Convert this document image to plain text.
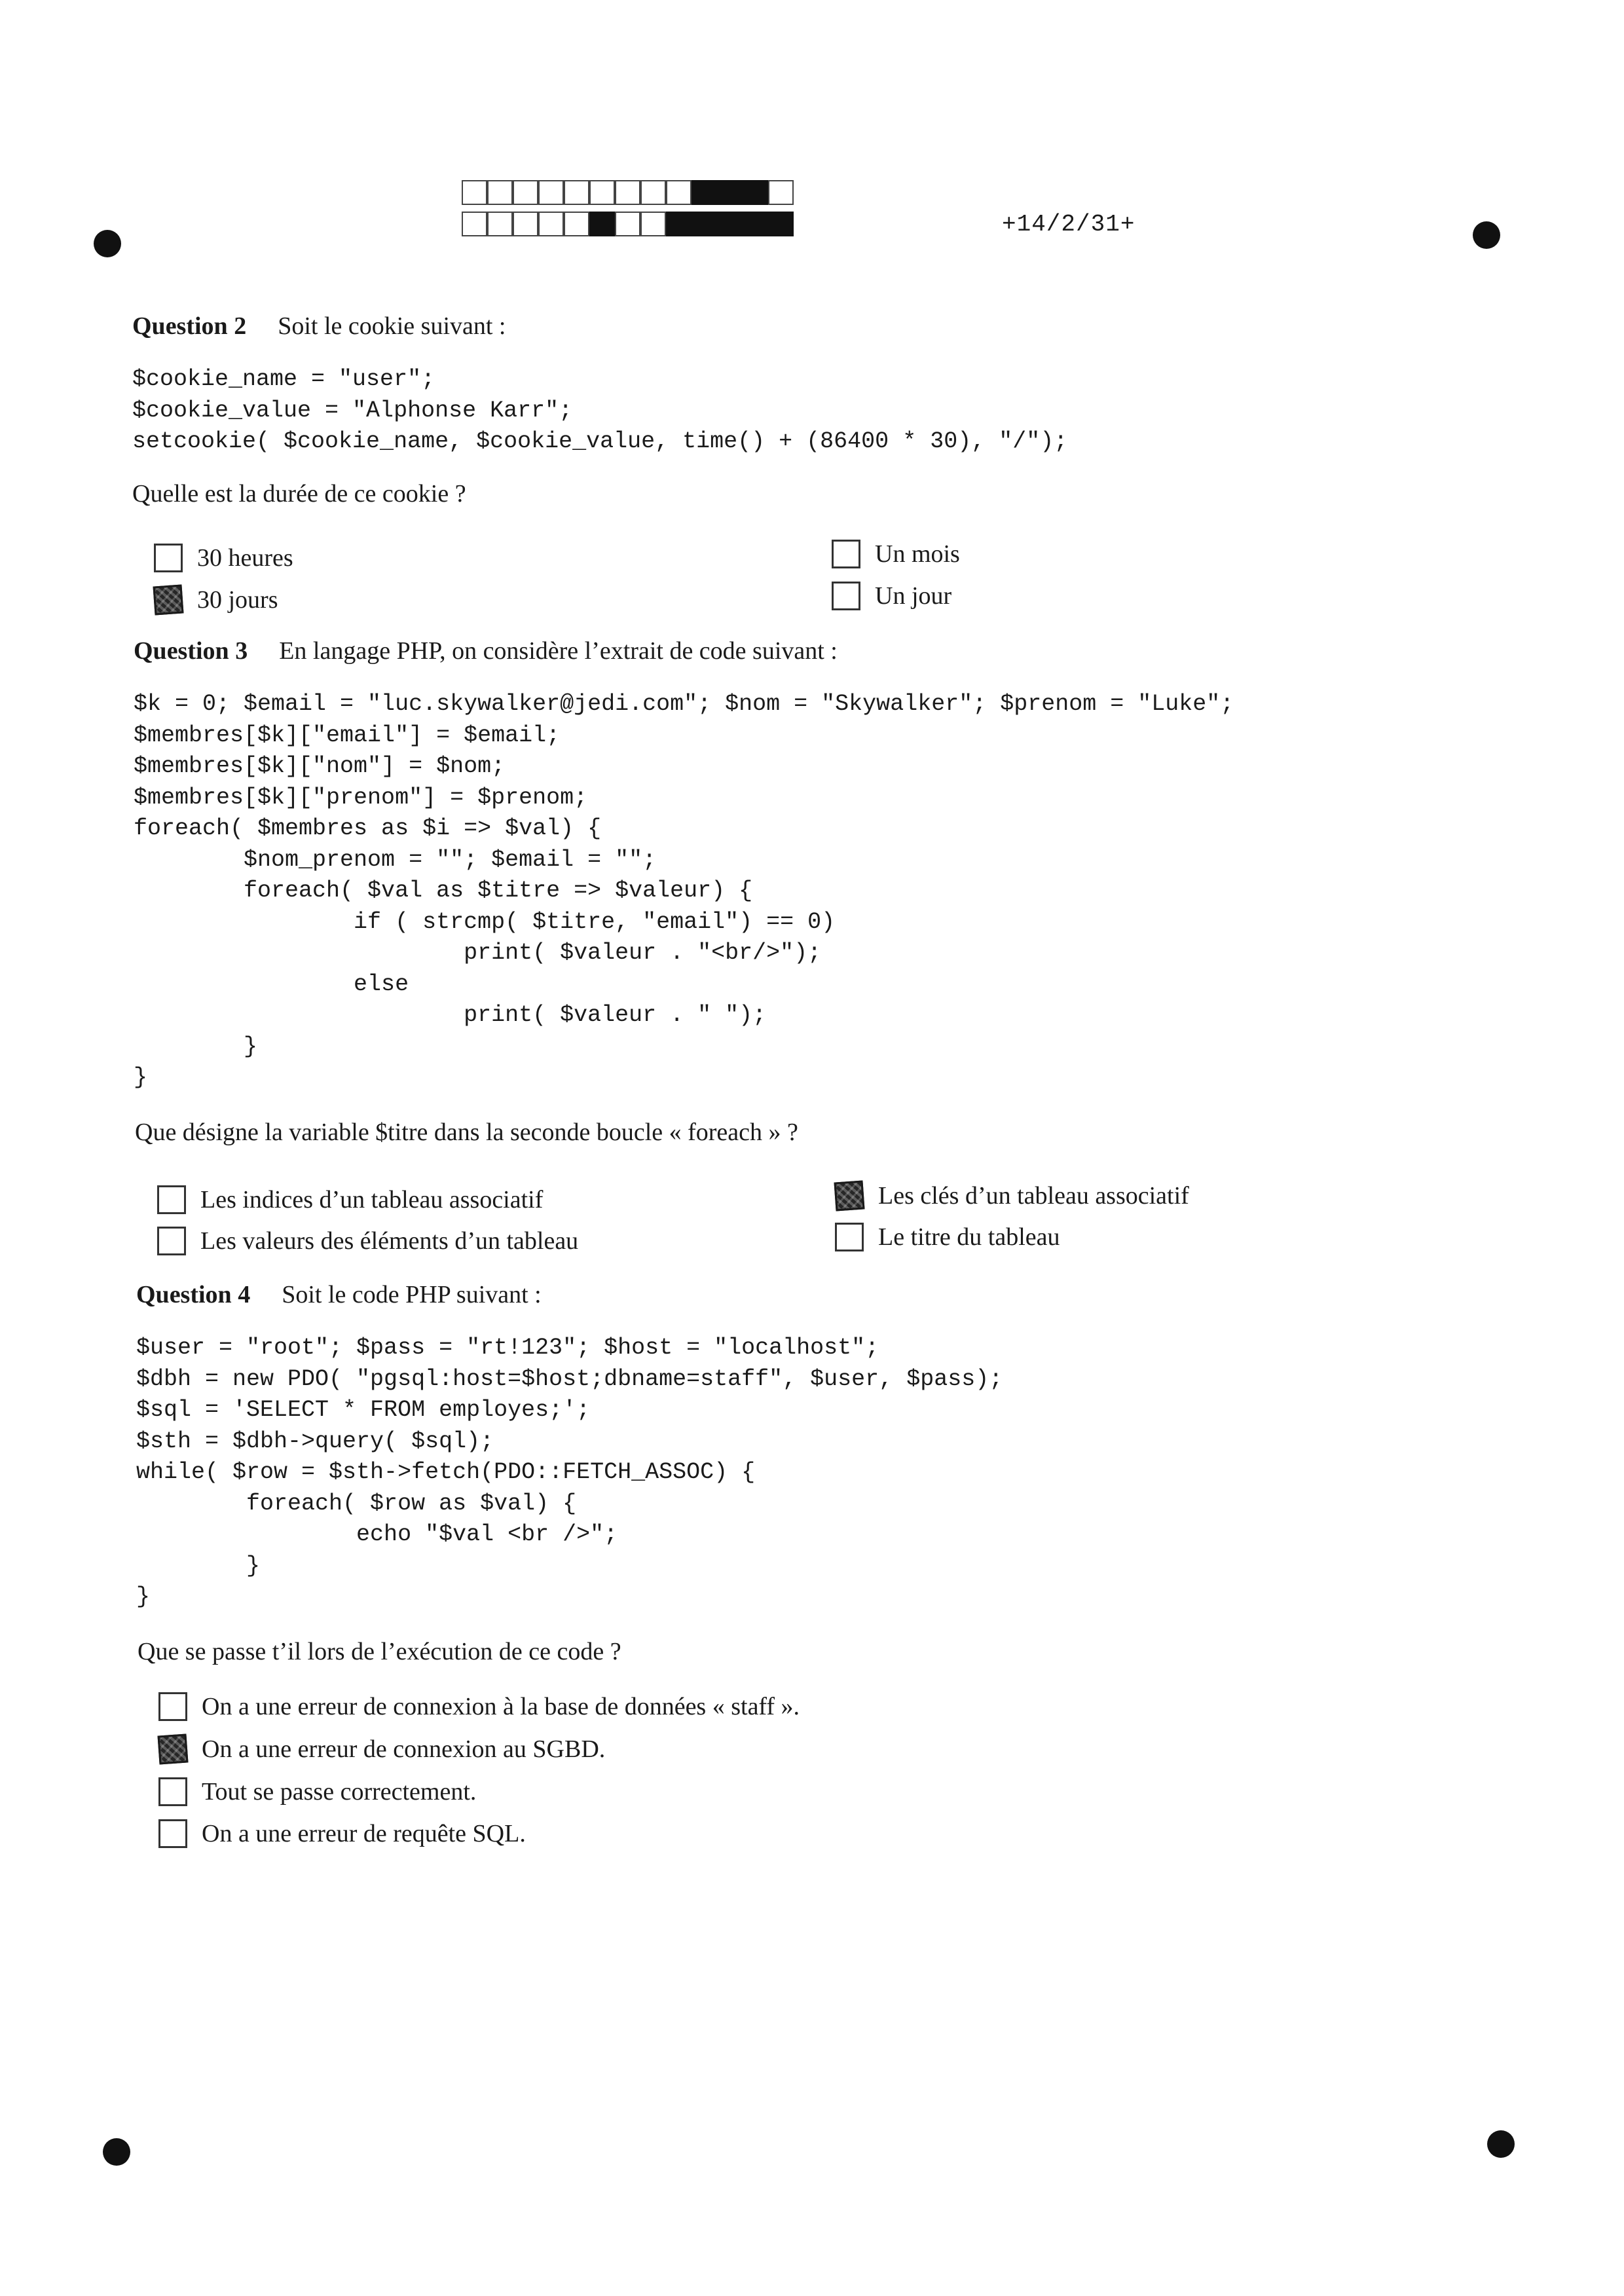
+14/2/31+
Question 2 Soit le cookie suivant :
$cookie_name = "user";
$cookie_value = "Alphonse Karr";
setcookie( $cookie_name, $cookie_value, time() + (86400 * 30), "/");
Quelle est la durée de ce cookie ?
30 heures
30 jours
Un mois
Un jour
Question 3 En langage PHP, on considère l’extrait de code suivant :
$k = 0; $email = "luc.skywalker@jedi.com"; $nom = "Skywalker"; $prenom = "Luke";
$membres[$k]["email"] = $email;
$membres[$k]["nom"] = $nom;
$membres[$k]["prenom"] = $prenom;
foreach( $membres as $i => $val) {
$nom_prenom = ""; $email = "";
foreach( $val as $titre => $valeur) {
if ( strcmp( $titre, "email") == 0)
print( $valeur . "<br/>");
else
print( $valeur . " ");
}
}
Que désigne la variable $titre dans la seconde boucle « foreach » ?
Les indices d’un tableau associatif
Les valeurs des éléments d’un tableau
Les clés d’un tableau associatif
Le titre du tableau
Question 4 Soit le code PHP suivant :
$user = "root"; $pass = "rt!123"; $host = "localhost";
$dbh = new PDO( "pgsql:host=$host;dbname=staff", $user, $pass);
$sql = 'SELECT * FROM employes;';
$sth = $dbh->query( $sql);
while( $row = $sth->fetch(PDO::FETCH_ASSOC) {
foreach( $row as $val) {
echo "$val <br />";
}
}
Que se passe t’il lors de l’exécution de ce code ?
On a une erreur de connexion à la base de données « staff ».
On a une erreur de connexion au SGBD.
Tout se passe correctement.
On a une erreur de requête SQL.
